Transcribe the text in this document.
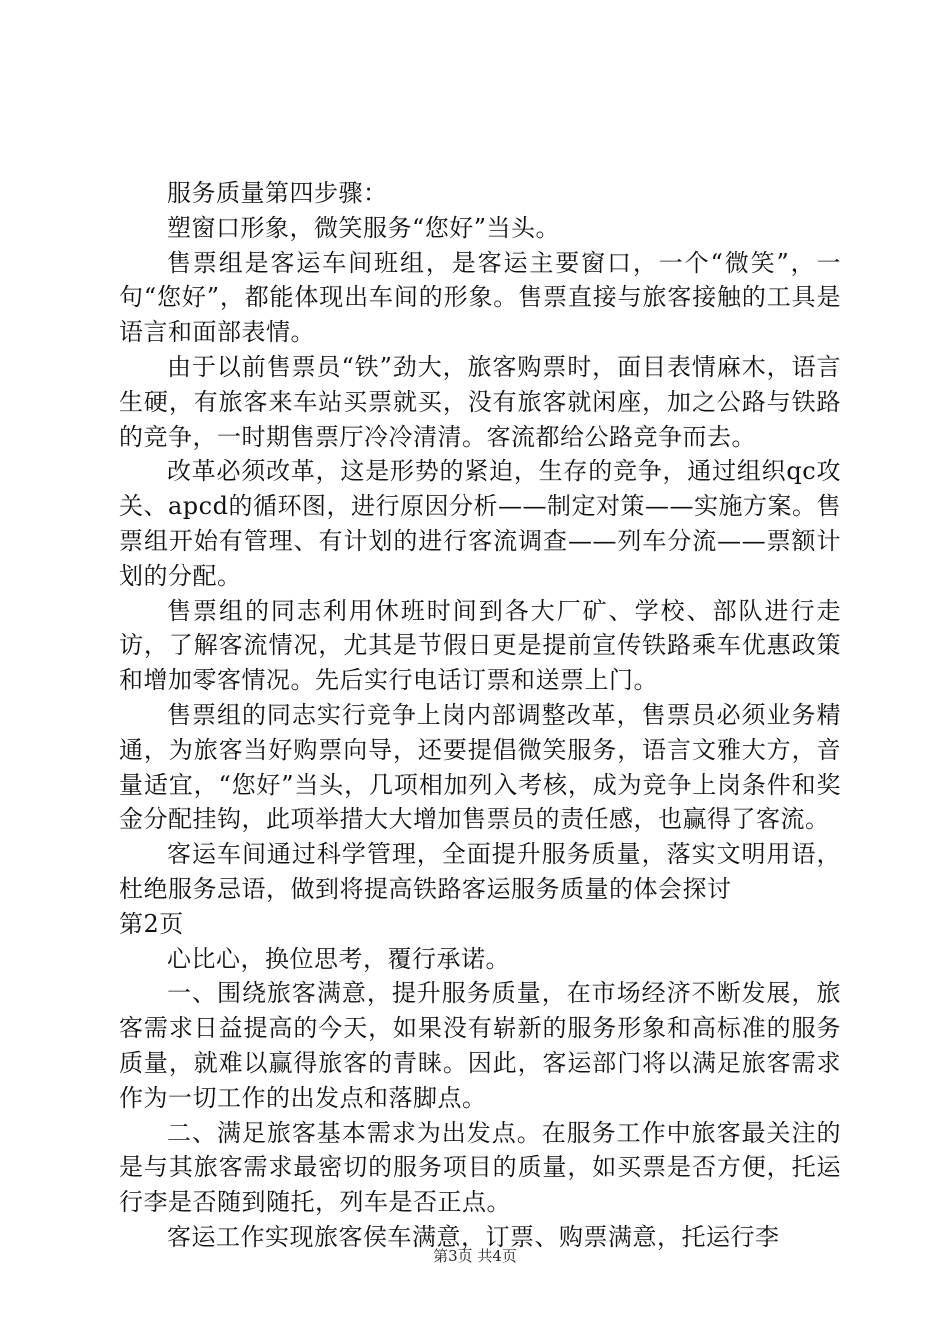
服务质量第四步骤：

塑窗口形象，微笑服务“您好”当头。

售票组是客运车间班组，是客运主要窗口，一个“微笑”，一句“您好”，都能体现出车间的形象。售票直接与旅客接触的工具是语言和面部表情。

由于以前售票员“铁”劲大，旅客购票时，面目表情麻木，语言生硬，有旅客来车站买票就买，没有旅客就闲座，加之公路与铁路的竞争，一时期售票厅冷冷清清。客流都给公路竞争而去。

改革必须改革，这是形势的紧迫，生存的竞争，通过组织qc攻关、apcd的循环图，进行原因分析——制定对策——实施方案。售票组开始有管理、有计划的进行客流调查——列车分流——票额计划的分配。

售票组的同志利用休班时间到各大厂矿、学校、部队进行走访，了解客流情况，尤其是节假日更是提前宣传铁路乘车优惠政策和增加零客情况。先后实行电话订票和送票上门。

售票组的同志实行竞争上岗内部调整改革，售票员必须业务精通，为旅客当好购票向导，还要提倡微笑服务，语言文雅大方，音量适宜，“您好”当头，几项相加列入考核，成为竞争上岗条件和奖金分配挂钩，此项举措大大增加售票员的责任感，也赢得了客流。

客运车间通过科学管理，全面提升服务质量，落实文明用语，杜绝服务忌语，做到将提高铁路客运服务质量的体会探讨

第2页

心比心，换位思考，覆行承诺。

一、围绕旅客满意，提升服务质量，在市场经济不断发展，旅客需求日益提高的今天，如果没有崭新的服务形象和高标准的服务质量，就难以赢得旅客的青睐。因此，客运部门将以满足旅客需求作为一切工作的出发点和落脚点。

二、满足旅客基本需求为出发点。在服务工作中旅客最关注的是与其旅客需求最密切的服务项目的质量，如买票是否方便，托运行李是否随到随托，列车是否正点。

客运工作实现旅客侯车满意，订票、购票满意，托运行李

第3页 共4页
